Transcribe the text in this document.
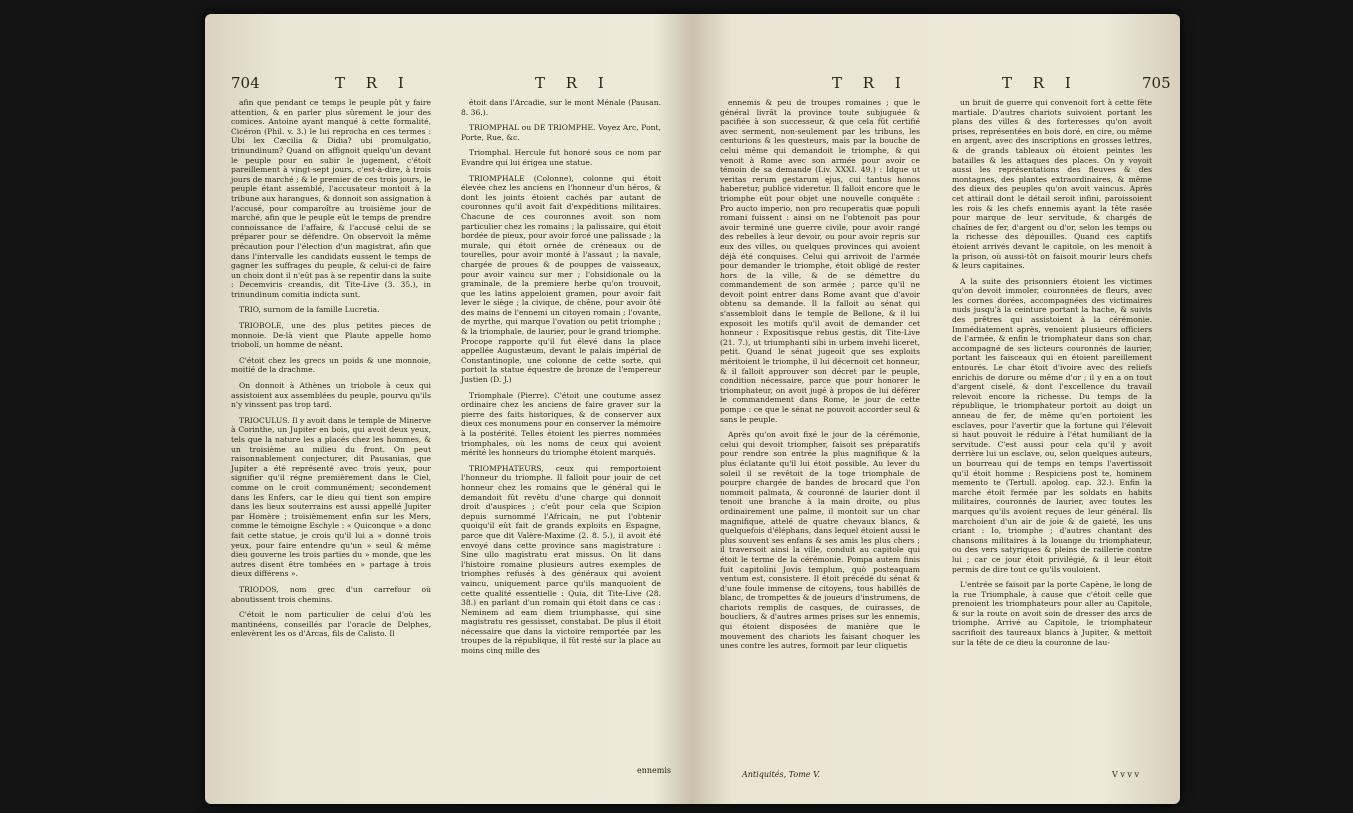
704	T R I	T R I

afin que pendant ce temps le peuple pût y faire attention, & en parler plus sûrement le jour des comices. Antoine ayant manqué à cette formalité, Cicéron (Phil. v. 3.) le lui reprocha en ces termes : Ubi lex Cæcilia & Didia? ubi promulgatio, trinundinum? Quand on affignoit quelqu'un devant le peuple pour en subir le jugement, c'étoit pareillement à vingt-sept jours, c'est-à-dire, à trois jours de marché ; & le premier de ces trois jours, le peuple étant assemblé, l'accusateur montoit à la tribune aux harangues, & donnoit son assignation à l'accusé, pour comparoître au troisième jour de marché, afin que le peuple eût le temps de prendre connoissance de l'affaire, & l'accusé celui de se préparer pour se défendre. On observoit la même précaution pour l'élection d'un magistrat, afin que dans l'intervalle les candidats eussent le temps de gagner les suffrages du peuple, & celui-ci de faire un choix dont il n'eût pas à se repentir dans la suite : Decemviris creandis, dit Tite-Live (3. 35.), in trinundinum comitia indicta sunt.

TRIO, surnom de la famille Lucretia.

TRIOBOLE, une des plus petites pieces de monnoie. De-là vient que Plaute appelle homo triobolî, un homme de néant.

C'étoit chez les grecs un poids & une monnoie, moitié de la drachme.

On donnoit à Athènes un triobole à ceux qui assistoient aux assemblées du peuple, pourvu qu'ils n'y vinssent pas trop tard.

TRIOCULUS. Il y avoit dans le temple de Minerve à Corinthe, un Jupiter en bois, qui avoit deux yeux, tels que la nature les a placés chez les hommes, & un troisième au milieu du front. On peut raisonnablement conjecturer, dit Pausanias, que Jupiter a été représenté avec trois yeux, pour signifier qu'il régne premièrement dans le Ciel, comme on le croit communément; secondement dans les Enfers, car le dieu qui tient son empire dans les lieux souterrains est aussi appellé Jupiter par Homère ; troisièmement enfin sur les Mers, comme le témoigne Eschyle : « Quiconque » a donc fait cette statue, je crois qu'il lui a » donné trois yeux, pour faire entendre qu'un » seul & même dieu gouverne les trois parties du » monde, que les autres disent être tombées en » partage à trois dieux différens ».

TRIODOS, nom grec d'un carrefour où aboutissent trois chemins.

C'étoit le nom particulier de celui d'où les mantinéens, conseillés par l'oracle de Delphes, enlevèrent les os d'Arcas, fils de Calisto. Il

étoit dans l'Arcadie, sur le mont Ménale (Pausan. 8. 36.).

TRIOMPHAL ou DE TRIOMPHE. Voyez Arc, Pont, Porte, Rue, &c.

Triomphal. Hercule fut honoré sous ce nom par Evandre qui lui érigea une statue.

TRIOMPHALE (Colonne), colonne qui étoit élevée chez les anciens en l'honneur d'un héros, & dont les joints étoient cachés par autant de couronnes qu'il avoit fait d'expéditions militaires. Chacune de ces couronnes avoit son nom particulier chez les romains ; la palissaire, qui étoit bordée de pieux, pour avoir forcé une palissade ; la murale, qui étoit ornée de créneaux ou de tourelles, pour avoir monté à l'assaut ; la navale, chargée de proues & de pouppes de vaisseaux, pour avoir vaincu sur mer ; l'obsidionale ou la graminale, de la premiere herbe qu'on trouvoit, que les latins appeloient gramen, pour avoir fait lever le siège ; la civique, de chêne, pour avoir ôté des mains de l'ennemi un citoyen romain ; l'ovante, de myrthe, qui marque l'ovation ou petit triomphe ; & la triomphale, de laurier, pour le grand triomphe. Procope rapporte qu'il fut élevé dans la place appellée Augustæum, devant le palais impérial de Constantinople, une colonne de cette sorte, qui portoit la statue équestre de bronze de l'empereur Justien (D. J.)

Triomphale (Pierre). C'étoit une coutume assez ordinaire chez les anciens de faire graver sur la pierre des faits historiques, & de conserver aux dieux ces monumens pour en conserver la mémoire à la postérité. Telles étoient les pierres nommées triomphales, où les noms de ceux qui avoient mérité les honneurs du triomphe étoient marqués.

TRIOMPHATEURS, ceux qui remportoient l'honneur du triomphe. Il falloit pour jouir de cet honneur chez les romains que le général qui le demandoit fût revêtu d'une charge qui donnoit droit d'auspices ; c'eût pour cela que Scipion depuis surnommé l'Africain, ne put l'obtenir quoiqu'il eût fait de grands exploits en Espagne, parce que dit Valère-Maxime (2. 8. 5.), il avoit été envoyé dans cette province sans magistrature : Sine ullo magistratu erat missus. On lit dans l'histoire romaine plusieurs autres exemples de triomphes refusés à des généraux qui avoient vaincu, uniquement parce qu'ils manquoient de cette qualité essentielle : Quia, dit Tite-Live (28. 38.) en parlant d'un romain qui étoit dans ce cas : Neminem ad eam diem triumphasse, qui sine magistratu res gessisset, constabat. De plus il étoit nécessaire que dans la victoire remportée par les troupes de la république, il fût resté sur la place au moins cinq mille des

ennemis
T R I	T R I	705

ennemis & peu de troupes romaines ; que le général livrât la province toute subjuguée & pacifiée à son successeur, & que cela fût certifié avec serment, non-seulement par les tribuns, les centurions & les questeurs, mais par la bouche de celui même qui demandoit le triomphe, & qui venoit à Rome avec son armée pour avoir ce témoin de sa demande (Liv. XXXI. 49.) : Idque ut veritas rerum gestarum ejus, cui tantus honos haberetur, publicè videretur. Il falloit encore que le triomphe eût pour objet une nouvelle conquête : Pro aucto imperio, non pro recuperatis quæ populi romani fuissent : ainsi on ne l'obtenoit pas pour avoir terminé une guerre civile, pour avoir rangé des rebelles à leur devoir, ou pour avoir repris sur eux des villes, ou quelques provinces qui avoient déjà été conquises. Celui qui arrivoit de l'armée pour demander le triomphe, étoit obligé de rester hors de la ville, & de se démettre du commandement de son armée ; parce qu'il ne devoit point entrer dans Rome avant que d'avoir obtenu sa demande. Il la falloit au sénat qui s'assembloit dans le temple de Bellone, & il lui exposoit les motifs qu'il avoit de demander cet honneur : Expositisque rebus gestis, dit Tite-Live (21. 7.), ut triumphanti sibi in urbem invehi liceret, petit. Quand le sénat jugeoit que ses exploits méritoient le triomphe, il lui décernoit cet honneur, & il falloit approuver son décret par le peuple, condition nécessaire, parce que pour honorer le triomphateur, on avoit jugé à propos de lui déférer le commandement dans Rome, le jour de cette pompe : ce que le sénat ne pouvoit accorder seul & sans le peuple.

Après qu'on avoit fixé le jour de la cérémonie, celui qui devoit triompher, faisoit ses préparatifs pour rendre son entrée la plus magnifique & la plus éclatante qu'il lui étoit possible. Au lever du soleil il se revêtoit de la toge triomphale de pourpre chargée de bandes de brocard que l'on nommoit palmata, & couronné de laurier dont il tenoit une branche à la main droite, ou plus ordinairement une palme, il montoit sur un char magnifique, attelé de quatre chevaux blancs, & quelquefois d'éléphans, dans lequel étoient aussi le plus souvent ses enfans & ses amis les plus chers ; il traversoit ainsi la ville, conduit au capitole qui étoit le terme de la cérémonie. Pompa autem finis fuit capitolini Jovis templum, quò posteaquam ventum est, consistere. Il étoit précédé du sénat & d'une foule immense de citoyens, tous habillés de blanc, de trompettes & de joueurs d'instrumens, de chariots remplis de casques, de cuirasses, de boucliers, & d'autres armes prises sur les ennemis, qui étoient disposées de manière que le mouvement des chariots les faisant choquer les unes contre les autres, formoit par leur cliquetis

un bruit de guerre qui convenoit fort à cette fête martiale. D'autres chariots suivoient portant les plans des villes & des forteresses qu'on avoit prises, représentées en bois doré, en cire, ou même en argent, avec des inscriptions en grosses lettres, & de grands tableaux où étoient peintes les batailles & les attaques des places. On y voyoit aussi les représentations des fleuves & des montagnes, des plantes extraordinaires, & même des dieux des peuples qu'on avoit vaincus. Après cet attirail dont le détail seroit infini, paroissoient les rois & les chefs ennemis ayant la tête rasée pour marque de leur servitude, & chargés de chaînes de fer, d'argent ou d'or, selon les temps ou la richesse des dépouilles. Quand ces captifs étoient arrivés devant le capitole, on les menoit à la prison, où aussi-tôt on faisoit mourir leurs chefs & leurs capitaines.

A la suite des prisonniers étoient les victimes qu'on devoit immoler, couronnées de fleurs, avec les cornes dorées, accompagnées des victimaires nuds jusqu'à la ceinture portant la hache, & suivis des prêtres qui assistoient à la cérémonie. Immédiatement après, venoient plusieurs officiers de l'armée, & enfin le triomphateur dans son char, accompagné de ses licteurs couronnés de laurier, portant les faisceaux qui en étoient pareillement entourés. Le char étoit d'ivoire avec des reliefs enrichis de dorure ou même d'or ; il y en a on tout d'argent ciselé, & dont l'excellence du travail relevoit encore la richesse. Du temps de la république, le triomphateur portoit au doigt un anneau de fer, de même qu'en portoient les esclaves, pour l'avertir que la fortune qui l'élevoit si haut pouvoit le réduire à l'état humiliant de la servitude. C'est aussi pour cela qu'il y avoit derrière lui un esclave, ou, selon quelques auteurs, un bourreau qui de temps en temps l'avertissoit qu'il étoit homme : Respiciens post te, hominem memento te (Tertull. apolog. cap. 32.). Enfin la marche étoit fermée par les soldats en habits militaires, couronnés de laurier, avec toutes les marques qu'ils avoient reçues de leur général. Ils marchoient d'un air de joie & de gaieté, les uns criant : Io, triomphe ; d'autres chantant des chansons militaires à la louange du triomphateur, ou des vers satyriques & pleins de raillerie contre lui ; car ce jour étoit privilégié, & il leur étoit permis de dire tout ce qu'ils vouloient.

L'entrée se faisoit par la porte Capène, le long de la rue Triomphale, à cause que c'étoit celle que prenoient les triomphateurs pour aller au Capitole, & sur la route on avoit soin de dresser des arcs de triomphe. Arrivé au Capitole, le triomphateur sacrifioit des taureaux blancs à Jupiter, & mettoit sur la tête de ce dieu la couronne de lau-

Antiquités, Tome V.	V v v v
